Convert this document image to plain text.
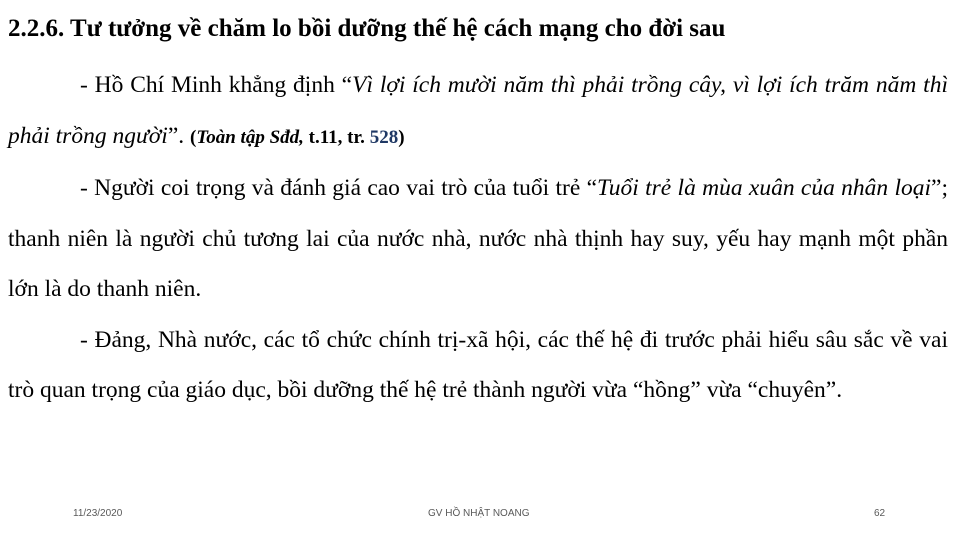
2.2.6. Tư tưởng về chăm lo bồi dưỡng thế hệ cách mạng cho đời sau

- Hồ Chí Minh khẳng định “Vì lợi ích mười năm thì phải trồng cây, vì lợi ích trăm năm thì phải trồng người”. (Toàn tập Sđd, t.11, tr. 528)

- Người coi trọng và đánh giá cao vai trò của tuổi trẻ “Tuổi trẻ là mùa xuân của nhân loại”; thanh niên là người chủ tương lai của nước nhà, nước nhà thịnh hay suy, yếu hay mạnh một phần lớn là do thanh niên.

- Đảng, Nhà nước, các tổ chức chính trị-xã hội, các thế hệ đi trước phải hiểu sâu sắc về vai trò quan trọng của giáo dục, bồi dưỡng thế hệ trẻ thành người vừa “hồng” vừa “chuyên”.

11/23/2020	GV HỒ NHẬT NOANG	62
